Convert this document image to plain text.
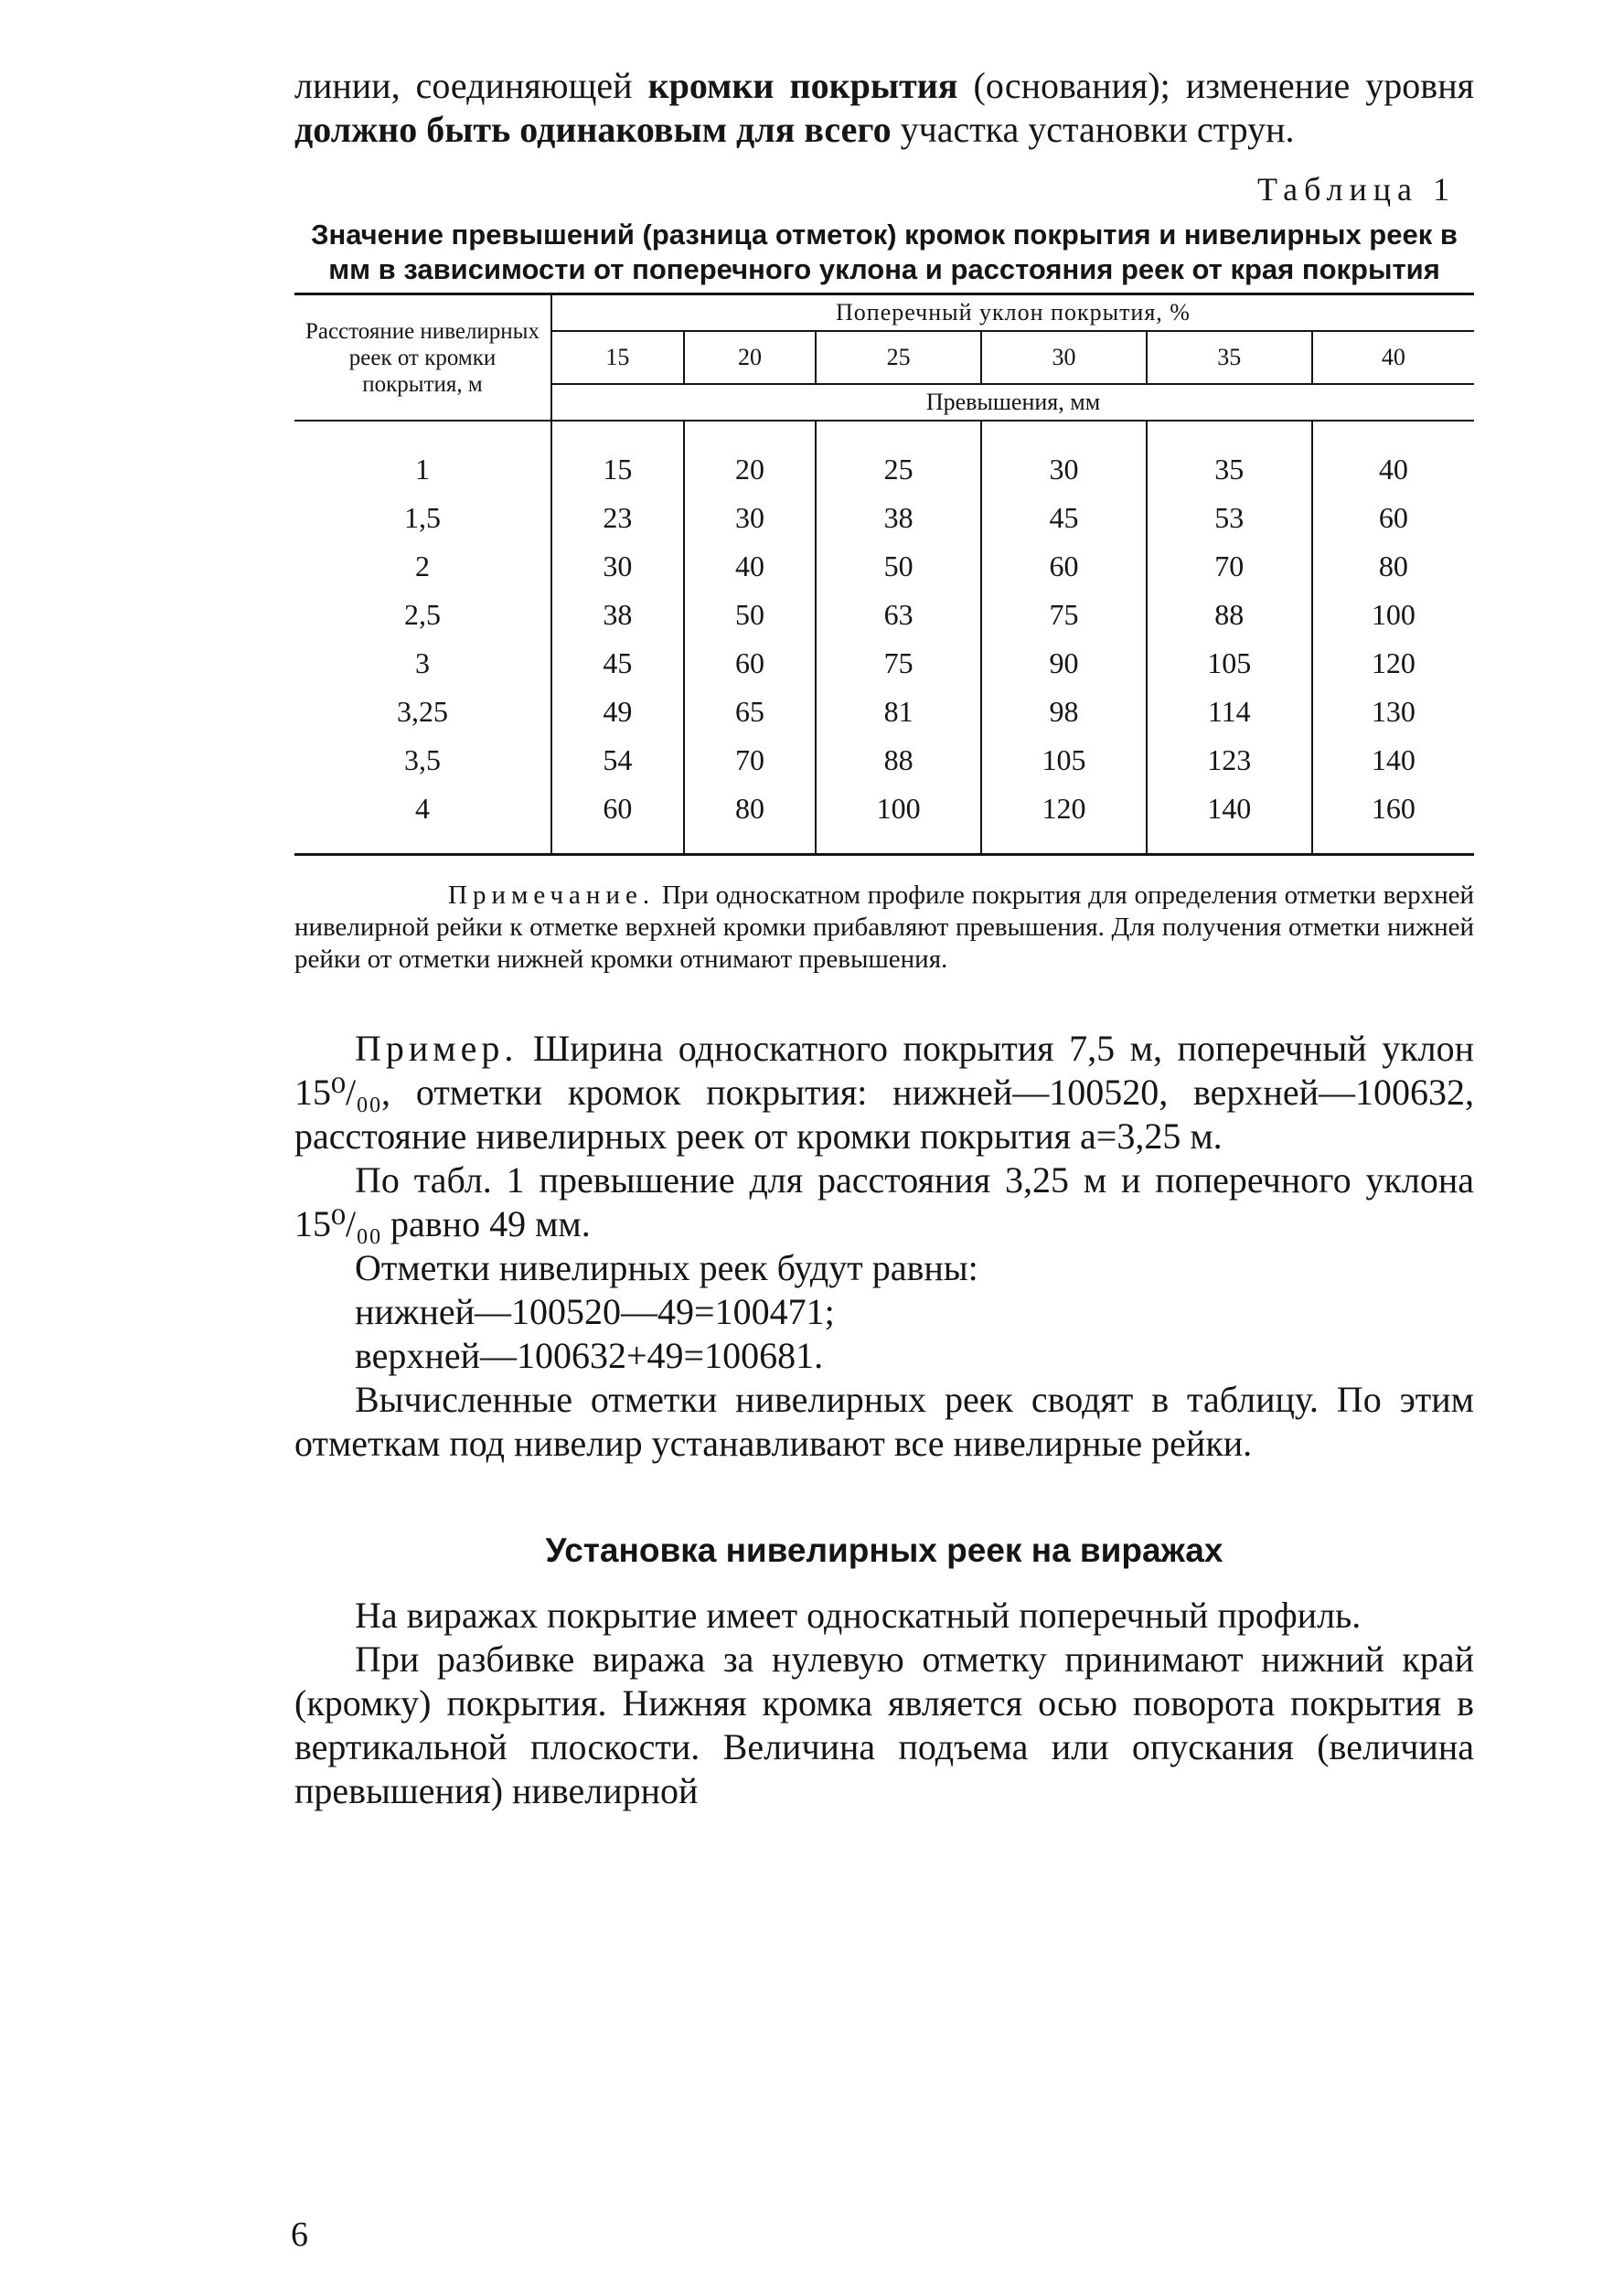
линии, соединяющей кромки покрытия (основания); изменение уровня должно быть одинаковым для всего участка установки струн.

Таблица 1
Значение превышений (разница отметок) кромок покрытия и нивелирных реек в мм в зависимости от поперечного уклона и расстояния реек от края покрытия
Расстояние нивелирных реек от кромки покрытия, м	Поперечный уклон покрытия, %					
	15	20	25	30	35	40
	Превышения, мм					
1	15	20	25	30	35	40
1,5	23	30	38	45	53	60
2	30	40	50	60	70	80
2,5	38	50	63	75	88	100
3	45	60	75	90	105	120
3,25	49	65	81	98	114	130
3,5	54	70	88	105	123	140
4	60	80	100	120	140	160

Примечание. При односкатном профиле покрытия для определения отметки верхней нивелирной рейки к отметке верхней кромки прибавляют превышения. Для получения отметки нижней рейки от отметки нижней кромки отнимают превышения.

Пример. Ширина односкатного покрытия 7,5 м, поперечный уклон 15⁰/₀₀, отметки кромок покрытия: нижней—100520, верхней—100632, расстояние нивелирных реек от кромки покрытия a=3,25 м.

По табл. 1 превышение для расстояния 3,25 м и поперечного уклона 15⁰/₀₀ равно 49 мм.

Отметки нивелирных реек будут равны:

нижней—100520—49=100471;

верхней—100632+49=100681.

Вычисленные отметки нивелирных реек сводят в таблицу. По этим отметкам под нивелир устанавливают все нивелирные рейки.

Установка нивелирных реек на виражах

На виражах покрытие имеет односкатный поперечный профиль.

При разбивке виража за нулевую отметку принимают нижний край (кромку) покрытия. Нижняя кромка является осью поворота покрытия в вертикальной плоскости. Величина подъема или опускания (величина превышения) нивелирной

6
